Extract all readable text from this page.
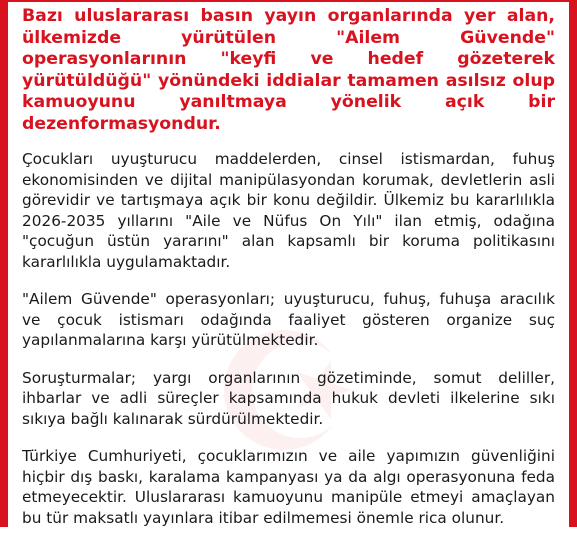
Bazı uluslararası basın yayın organlarında yer alan, ülkemizde yürütülen "Ailem Güvende" operasyonlarının "keyfi ve hedef gözeterek yürütüldüğü" yönündeki iddialar tamamen asılsız olup kamuoyunu yanıltmaya yönelik açık bir dezenformasyondur.

Çocukları uyuşturucu maddelerden, cinsel istismardan, fuhuş ekonomisinden ve dijital manipülasyondan korumak, devletlerin asli görevidir ve tartışmaya açık bir konu değildir. Ülkemiz bu kararlılıkla 2026-2035 yıllarını "Aile ve Nüfus On Yılı" ilan etmiş, odağına "çocuğun üstün yararını" alan kapsamlı bir koruma politikasını kararlılıkla uygulamaktadır.

"Ailem Güvende" operasyonları; uyuşturucu, fuhuş, fuhuşa aracılık ve çocuk istismarı odağında faaliyet gösteren organize suç yapılanmalarına karşı yürütülmektedir.

Soruşturmalar; yargı organlarının gözetiminde, somut deliller, ihbarlar ve adli süreçler kapsamında hukuk devleti ilkelerine sıkı sıkıya bağlı kalınarak sürdürülmektedir.

Türkiye Cumhuriyeti, çocuklarımızın ve aile yapımızın güvenliğini hiçbir dış baskı, karalama kampanyası ya da algı operasyonuna feda etmeyecektir. Uluslararası kamuoyunu manipüle etmeyi amaçlayan bu tür maksatlı yayınlara itibar edilmemesi önemle rica olunur.
